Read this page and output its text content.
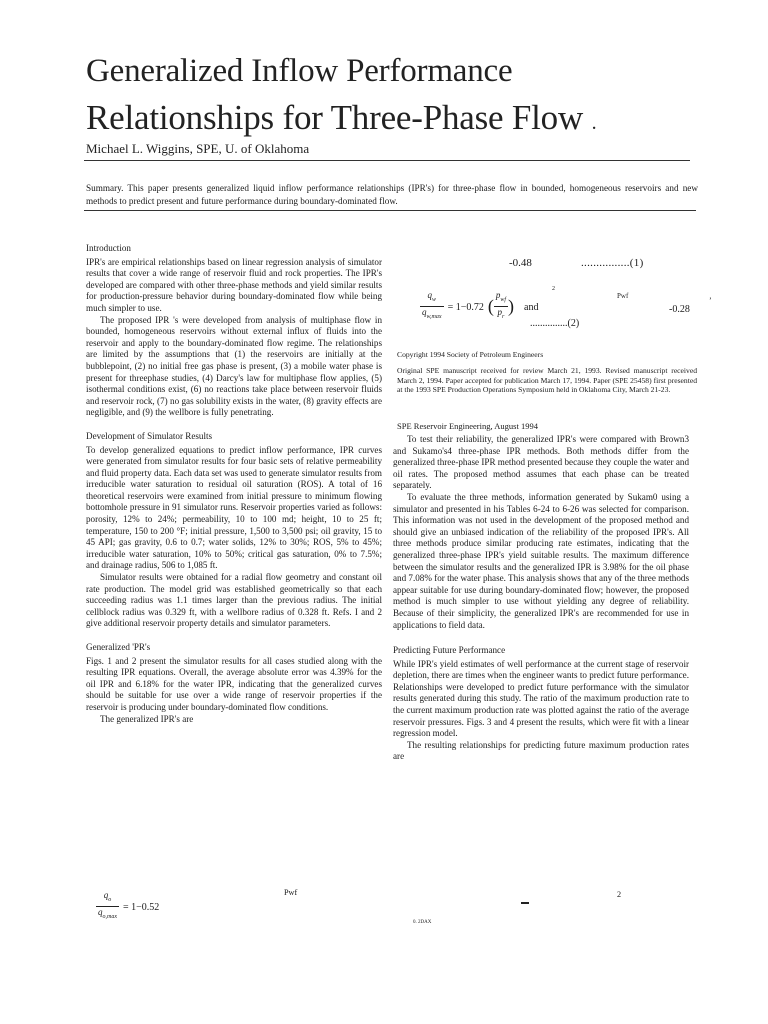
Generalized Inflow Performance
Relationships for Three-Phase Flow .
Michael L. Wiggins, SPE, U. of Oklahoma
Summary. This paper presents generalized liquid inflow performance relationships (IPR's) for three-phase flow in bounded, homogeneous reservoirs and new methods to predict present and future performance during boundary-dominated flow.

Introduction

IPR's are empirical relationships based on linear regression analysis of simulator results that cover a wide range of reservoir fluid and rock properties. The IPR's developed are compared with other three-phase methods and yield similar results for production-pressure behavior during boundary-dominated flow while being much simpler to use.

The proposed IPR 's were developed from analysis of multiphase flow in bounded, homogeneous reservoirs without external influx of fluids into the reservoir and apply to the boundary-dominated flow regime. The relationships are limited by the assumptions that (1) the reservoirs are initially at the bubblepoint, (2) no initial free gas phase is present, (3) a mobile water phase is present for threephase studies, (4) Darcy's law for multiphase flow applies, (5) isothermal conditions exist, (6) no reactions take place between reservoir fluids and reservoir rock, (7) no gas solubility exists in the water, (8) gravity effects are negligible, and (9) the wellbore is fully penetrating.

Development of Simulator Results

To develop generalized equations to predict inflow performance, IPR curves were generated from simulator results for four basic sets of relative permeability and fluid property data. Each data set was used to generate simulator results from irreducible water saturation to residual oil saturation (ROS). A total of 16 theoretical reservoirs were examined from initial pressure to minimum flowing bottomhole pressure in 91 simulator runs. Reservoir properties varied as follows: porosity, 12% to 24%; permeability, 10 to 100 md; height, 10 to 25 ft; temperature, 150 to 200 °F; initial pressure, 1,500 to 3,500 psi; oil gravity, 15 to 45 API; gas gravity, 0.6 to 0.7; water solids, 12% to 30%; ROS, 5% to 45%; irreducible water saturation, 10% to 50%; critical gas saturation, 0% to 7.5%; and drainage radius, 506 to 1,085 ft.

Simulator results were obtained for a radial flow geometry and constant oil rate production. The model grid was established geometrically so that each succeeding radius was 1.1 times larger than the previous radius. The initial cellblock radius was 0.329 ft, with a wellbore radius of 0.328 ft. Refs. I and 2 give additional reservoir property details and simulator parameters.

Generalized 'PR's

Figs. 1 and 2 present the simulator results for all cases studied along with the resulting IPR equations. Overall, the average absolute error was 4.39% for the oil IPR and 6.18% for the water IPR, indicating that the generalized curves should be suitable for use over a wide range of reservoir properties if the reservoir is producing under boundary-dominated flow conditions.

The generalized IPR's are

$\frac{q_o}{q_{o,max}} = 1-0.52$
Pwf	2
0. 2DAX
-0.48	................(1)
2
Pwf
$\frac{q_w}{q_{w,max}} = 1-0.72$ ( $\frac{p_{wf}}{p_r}$ ) and	-0.28
’
...............(2)
Copyright 1994 Society of Petroleum Engineers
Original SPE manuscript received for review March 21, 1993. Revised manuscript received March 2, 1994. Paper accepted for publication March 17, 1994. Paper (SPE 25458) first presented at the 1993 SPE Production Operations Symposium held in Oklahoma City, March 21-23.
SPE Reservoir Engineering, August 1994

To test their reliability, the generalized IPR's were compared with Brown3 and Sukamo's4 three-phase IPR methods. Both methods differ from the generalized three-phase IPR method presented because they couple the water and oil rates. The proposed method assumes that each phase can be treated separately.

To evaluate the three methods, information generated by Sukam0 using a simulator and presented in his Tables 6-24 to 6-26 was selected for comparison. This information was not used in the development of the proposed method and should give an unbiased indication of the reliability of the proposed IPR's. All three methods produce similar producing rate estimates, indicating that the generalized three-phase IPR's yield suitable results. The maximum difference between the simulator results and the generalized IPR is 3.98% for the oil phase and 7.08% for the water phase. This analysis shows that any of the three methods appear suitable for use during boundary-dominated flow; however, the proposed method is much simpler to use without yielding any degree of reliability. Because of their simplicity, the generalized IPR's are recommended for use in applications to field data.

Predicting Future Performance

While IPR's yield estimates of well performance at the current stage of reservoir depletion, there are times when the engineer wants to predict future performance. Relationships were developed to predict future performance with the simulator results generated during this study. The ratio of the maximum production rate to the current maximum production rate was plotted against the ratio of the average reservoir pressures. Figs. 3 and 4 present the results, which were fit with a linear regression model.

The resulting relationships for predicting future maximum production rates are
